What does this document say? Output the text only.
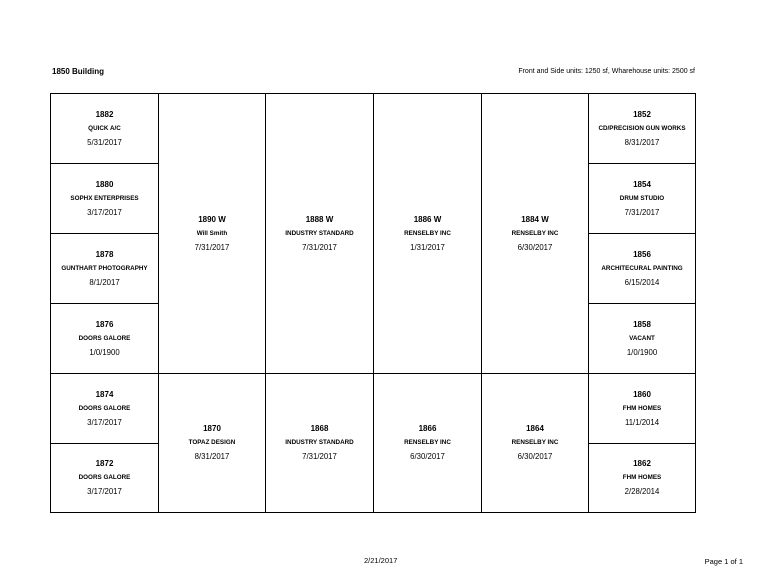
1850 Building	Front and Side units: 1250 sf, Wharehouse units: 2500 sf
1882
QUICK A/C
5/31/2017
1880
SOPHX ENTERPRISES
3/17/2017
1878
GUNTHART PHOTOGRAPHY
8/1/2017
1876
DOORS GALORE
1/0/1900
1874
DOORS GALORE
3/17/2017
1872
DOORS GALORE
3/17/2017
1890 W
Will Smith
7/31/2017
1870
TOPAZ DESIGN
8/31/2017
1888 W
INDUSTRY STANDARD
7/31/2017
1868
INDUSTRY STANDARD
7/31/2017
1886 W
RENSELBY INC
1/31/2017
1866
RENSELBY INC
6/30/2017
1884 W
RENSELBY INC
6/30/2017
1864
RENSELBY INC
6/30/2017
1852
CD/PRECISION GUN WORKS
8/31/2017
1854
DRUM STUDIO
7/31/2017
1856
ARCHITECURAL PAINTING
6/15/2014
1858
VACANT
1/0/1900
1860
FHM HOMES
11/1/2014
1862
FHM HOMES
2/28/2014
2/21/2017	Page 1 of 1
